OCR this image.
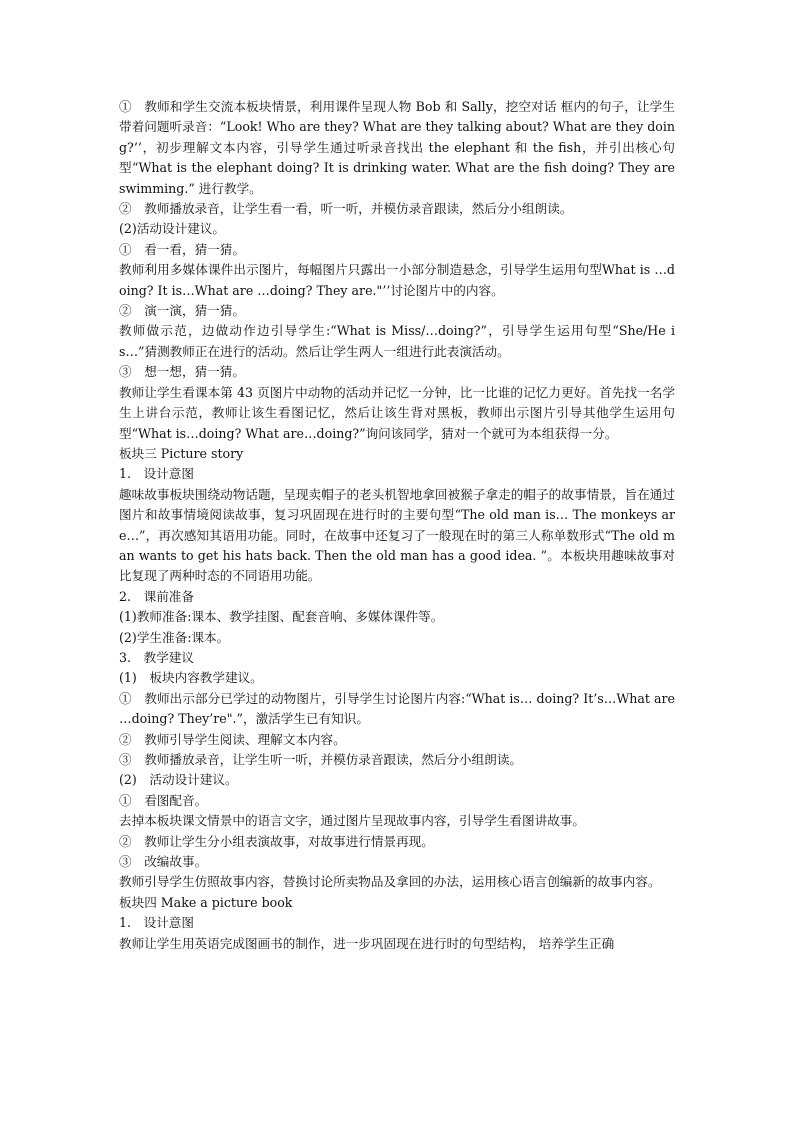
①　教师和学生交流本板块情景，利用课件呈现人物 Bob 和 Sally，挖空对话 框内的句子，让学生带着问题听录音：“Look! Who are they? What are they talking about? What are they doing?’’，初步理解文本内容，引导学生通过听录音找出 the elephant 和 the fish，并引出核心句型“What is the elephant doing? It is drinking water. What are the fish doing? They are swimming.” 进行教学。

②　教师播放录音，让学生看一看，听一听，并模仿录音跟读，然后分小组朗读。

(2)活动设计建议。

①　看一看，猜一猜。

教师利用多媒体课件出示图片，每幅图片只露出一小部分制造悬念，引导学生运用句型What is …doing? It is…What are …doing? They are."’’讨论图片中的内容。

②　演一演，猜一猜。

教师做示范，边做动作边引导学生:“What is Miss/…doing?”，引导学生运用句型“She/He is…”猜测教师正在进行的活动。然后让学生两人一组进行此表演活动。

③　想一想，猜一猜。

教师让学生看课本第 43 页图片中动物的活动并记忆一分钟，比一比谁的记忆力更好。首先找一名学生上讲台示范，教师让该生看图记忆，然后让该生背对黑板，教师出示图片引导其他学生运用句型“What is…doing? What are…doing?”询问该同学，猜对一个就可为本组获得一分。

板块三 Picture story

1.　设计意图

趣味故事板块围绕动物话题，呈现卖帽子的老头机智地拿回被猴子拿走的帽子的故事情景，旨在通过图片和故事情境阅读故事，复习巩固现在进行时的主要句型“The old man is… The monkeys are…”，再次感知其语用功能。同时，在故事中还复习了一般现在时的第三人称单数形式“The old man wants to get his hats back. Then the old man has a good idea. ”。本板块用趣味故事对比复现了两种时态的不同语用功能。

2.　课前准备

(1)教师准备:课本、教学挂图、配套音响、多媒体课件等。

(2)学生准备:课本。

3.　教学建议

(1)　板块内容教学建议。

①　教师出示部分已学过的动物图片，引导学生讨论图片内容:“What is… doing? It’s…What are …doing? They’re".”，激活学生已有知识。

②　教师引导学生阅读、理解文本内容。

③　教师播放录音，让学生听一听，并模仿录音跟读，然后分小组朗读。

(2)　活动设计建议。

①　看图配音。

去掉本板块课文情景中的语言文字，通过图片呈现故事内容，引导学生看图讲故事。

②　教师让学生分小组表演故事，对故事进行情景再现。

③　改编故事。

教师引导学生仿照故事内容，替换讨论所卖物品及拿回的办法，运用核心语言创编新的故事内容。

板块四 Make a picture book

1.　设计意图

教师让学生用英语完成图画书的制作，进一步巩固现在进行时的句型结构， 培养学生正确
